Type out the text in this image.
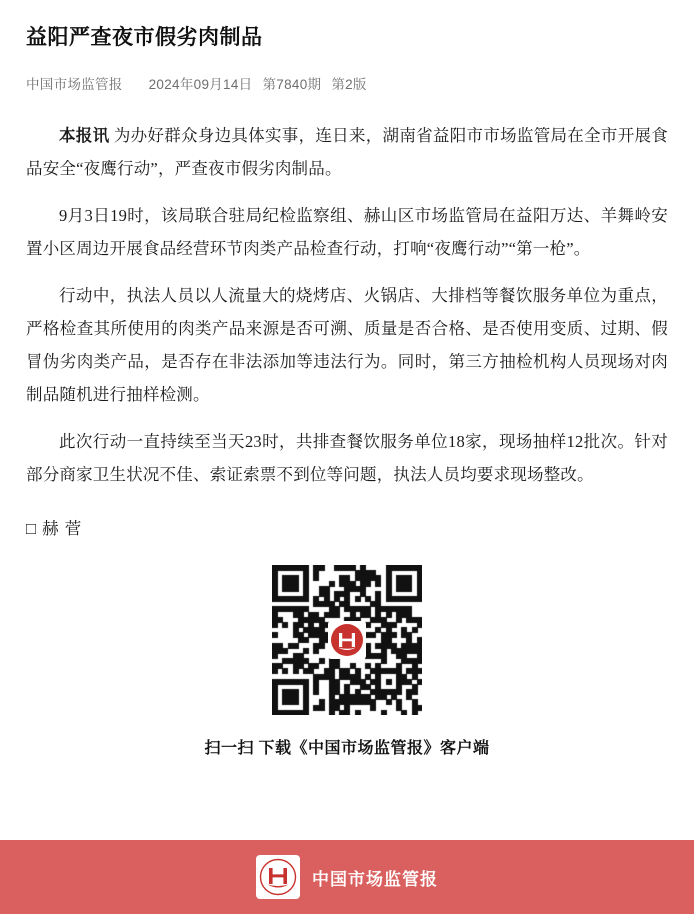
益阳严查夜市假劣肉制品
中国市场监管报 2024年09月14日 第7840期 第2版

本报讯 为办好群众身边具体实事，连日来，湖南省益阳市市场监管局在全市开展食品安全“夜鹰行动”，严查夜市假劣肉制品。

9月3日19时，该局联合驻局纪检监察组、赫山区市场监管局在益阳万达、羊舞岭安置小区周边开展食品经营环节肉类产品检查行动，打响“夜鹰行动”“第一枪”。

行动中，执法人员以人流量大的烧烤店、火锅店、大排档等餐饮服务单位为重点，严格检查其所使用的肉类产品来源是否可溯、质量是否合格、是否使用变质、过期、假冒伪劣肉类产品，是否存在非法添加等违法行为。同时，第三方抽检机构人员现场对肉制品随机进行抽样检测。

此次行动一直持续至当天23时，共排查餐饮服务单位18家，现场抽样12批次。针对部分商家卫生状况不佳、索证索票不到位等问题，执法人员均要求现场整改。

□ 赫 菅
扫一扫 下载《中国市场监管报》客户端
中国市场监管报
